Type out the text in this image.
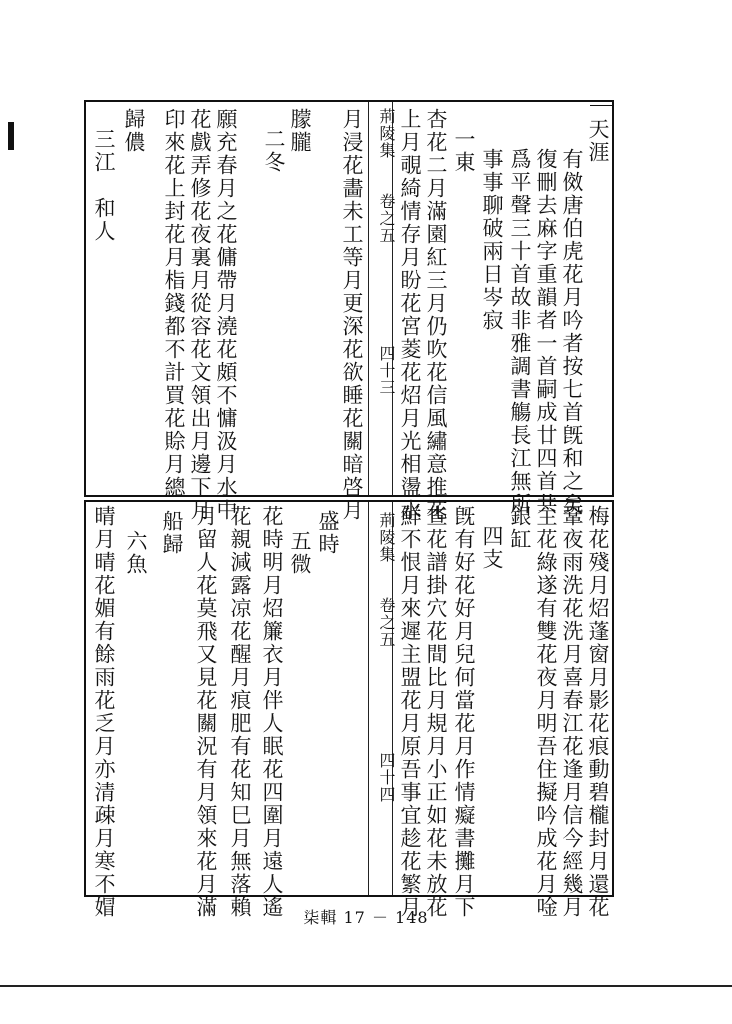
天涯
有傚唐伯虎花月吟者按七首旣和之矣
復刪去麻字重韻者一首嗣成廿四首共
爲平聲三十首故非雅調書觴長江無所
事事聊破兩日岑寂
一東
杏花二月滿園紅三月仍吹花信風繡意推花
上月覗綺情存月盼花宮菱花炤月光相盪水
荊陵集　　卷之五
四十三
月浸花畵未工等月更深花欲睡花關暗啓月
朦朧
二冬
願充春月之花傭帶月澆花頗不慵汲月水中
花戲弄修花夜裏月從容花文領出月邊下月
印來花上封花月栺錢都不計買花賒月總
歸儂
三江　和人
梅花殘月炤蓬窗月影花痕動碧櫳封月還花
鞏夜雨洗花洗月喜春江花逢月信今經幾月
主花綠遂有雙花夜月明吾住擬吟成花月唫
銀缸
四支
旣有好花好月兒何當花月作情癡書攤月下
查花譜掛穴花間比月規月小正如花未放花
鮮不恨月來遲主盟花月原吾事宜趁花繁月
荊陵集　　卷之五
四十四
盛時
五微
花時明月炤簾衣月伴人眠花四圍月遠人遙
花親減露凉花醒月痕肥有花知巳月無落賴
月留人花莫飛又見花關況有月領來花月滿
船歸
六魚
晴月晴花媚有餘雨花乏月亦清疎月寒不媢	柒輯 17 － 148
